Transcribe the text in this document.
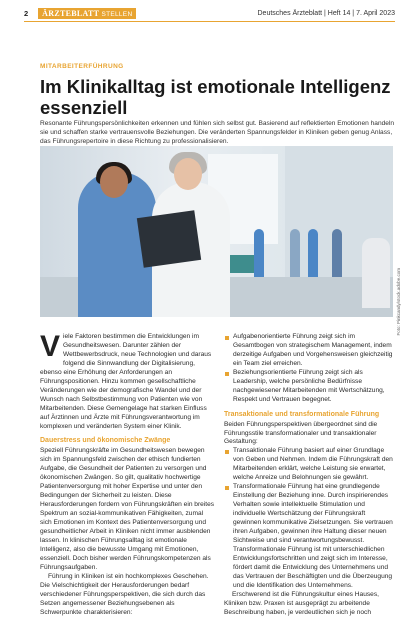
2	ÄRZTEBLATT STELLEN	Deutsches Ärzteblatt | Heft 14 | 7. April 2023
MITARBEITERFÜHRUNG
Im Klinikalltag ist emotionale Intelligenz essenziell

Resonante Führungspersönlichkeiten erkennen und fühlen sich selbst gut. Basierend auf reflektierten Emotionen handeln sie und schaffen starke vertrauensvolle Beziehungen. Die veränderten Spannungsfelder in Kliniken geben genug Anlass, das Führungsrepertoire in diese Richtung zu professionalisieren.

Foto: Pinkcandy/stock.adobe.com

Viele Faktoren bestimmen die Entwicklungen im Gesundheitswesen. Darunter zählen der Wettbewerbsdruck, neue Technologien und daraus folgend die Sinnwandlung der Digitalisierung, ebenso eine Erhöhung der Anforderungen an Führungspositionen. Hinzu kommen gesellschaftliche Veränderungen wie der demografische Wandel und der Wunsch nach Selbstbestimmung von Patienten wie von Mitarbeitenden. Diese Gemengelage hat starken Einfluss auf Ärztinnen und Ärzte mit Führungsverantwortung im komplexen und veränderten System einer Klinik.

Dauerstress und ökonomische Zwänge

Speziell Führungskräfte im Gesundheitswesen bewegen sich im Spannungsfeld zwischen der ethisch fundierten Aufgabe, die Gesundheit der Patienten zu versorgen und ökonomischen Zwängen. So gilt, qualitativ hochwertige Patientenversorgung mit hoher Expertise und unter den Bedingungen der Sicherheit zu leisten. Diese Herausforderungen fordern von Führungskräften ein breites Spektrum an sozial-kommunikativen Fähigkeiten, zumal sich Emotionen im Kontext des Patientenversorgung und gesundheitlicher Arbeit in Kliniken nicht immer ausblenden lassen. In klinischen Führungsalltag ist emotionale Intelligenz, also die bewusste Umgang mit Emotionen, essenziell. Doch bisher werden Führungskompetenzen als Führungsaufgaben.

Führung in Kliniken ist ein hochkomplexes Geschehen. Die Vielschichtigkeit der Herausforderungen bedarf verschiedener Führungsperspektiven, die sich durch das Setzen angemessener Beziehungsebenen als Schwerpunkte charakterisieren:

Aufgabenorientierte Führung zeigt sich im Gesamtbogen von strategischem Management, indem derzeitige Aufgaben und Vorgehensweisen gleichzeitig ein Team ziel erreichen.
Beziehungsorientierte Führung zeigt sich als Leadership, welche persönliche Bedürfnisse nachgewiesener Mitarbeitenden mit Wertschätzung, Respekt und Vertrauen begegnet.
Transaktionale und transformationale Führung

Beiden Führungsperspektiven übergeordnet sind die Führungsstile transformationaler und transaktionaler Gestaltung:

Transaktionale Führung basiert auf einer Grundlage von Geben und Nehmen. Indem die Führungskraft den Mitarbeitenden erklärt, welche Leistung sie erwartet, welche Anreize und Belohnungen sie gewährt.
Transformationale Führung hat eine grundlegende Einstellung der Beziehung inne. Durch inspirierendes Verhalten sowie intellektuelle Stimulation und individuelle Wertschätzung der Führungskraft gewinnen kommunikative Zielsetzungen. Sie vertrauen ihren Aufgaben, gewinnen ihre Haltung dieser neuen Sichtweise und sind verantwortungsbewusst. Transformationale Führung ist mit unterschiedlichen Entwicklungsfortschritten und zeigt sich im Interesse, fördert damit die Entwicklung des Unternehmens und das Vertrauen der Beschäftigten und die Überzeugung und die Identifikation des Unternehmens.

Erschwerend ist die Führungskultur eines Hauses, Kliniken bzw. Praxen ist ausgeprägt zu arbeitende Beschreibung haben, je verdeutlichen sich je noch
